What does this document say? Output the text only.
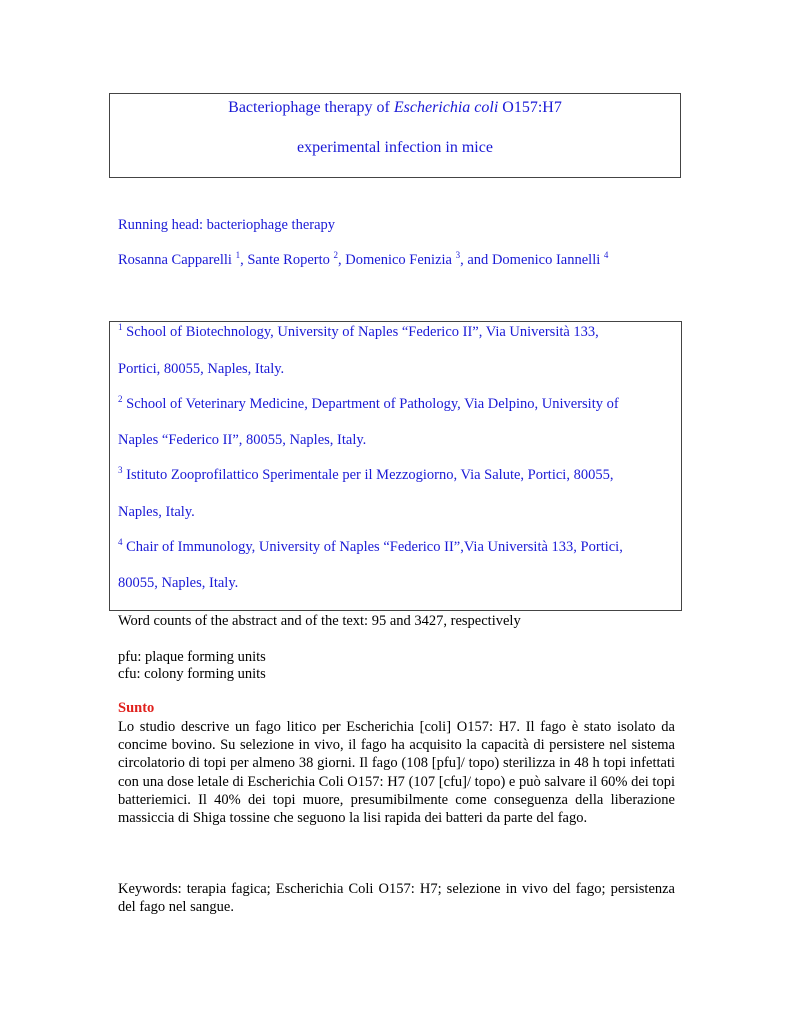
Bacteriophage therapy of Escherichia coli O157:H7
experimental infection in mice
Running head: bacteriophage therapy
Rosanna Capparelli $^1$, Sante Roperto $^2$, Domenico Fenizia $^3$, and Domenico Iannelli $^4$
$^1$ School of Biotechnology, University of Naples “Federico II”, Via Università 133,
Portici, 80055, Naples, Italy.
$^2$ School of Veterinary Medicine, Department of Pathology, Via Delpino, University of
Naples “Federico II”, 80055, Naples, Italy.
$^3$ Istituto Zooprofilattico Sperimentale per il Mezzogiorno, Via Salute, Portici, 80055,
Naples, Italy.
$^4$ Chair of Immunology, University of Naples “Federico II”,Via Università 133, Portici,
80055, Naples, Italy.
Word counts of the abstract and of the text: 95 and 3427, respectively
pfu: plaque forming units
cfu: colony forming units
Sunto
Lo studio descrive un fago litico per Escherichia [coli] O157: H7. Il fago è stato isolato da concime bovino. Su selezione in vivo, il fago ha acquisito la capacità di persistere nel sistema circolatorio di topi per almeno 38 giorni. Il fago (108 [pfu]/ topo) sterilizza in 48 h topi infettati con una dose letale di Escherichia Coli O157: H7 (107 [cfu]/ topo) e può salvare il 60% dei topi batteriemici. Il 40% dei topi muore, presumibilmente come conseguenza della liberazione massiccia di Shiga tossine che seguono la lisi rapida dei batteri da parte del fago.
Keywords: terapia fagica; Escherichia Coli O157: H7; selezione in vivo del fago; persistenza del fago nel sangue.
